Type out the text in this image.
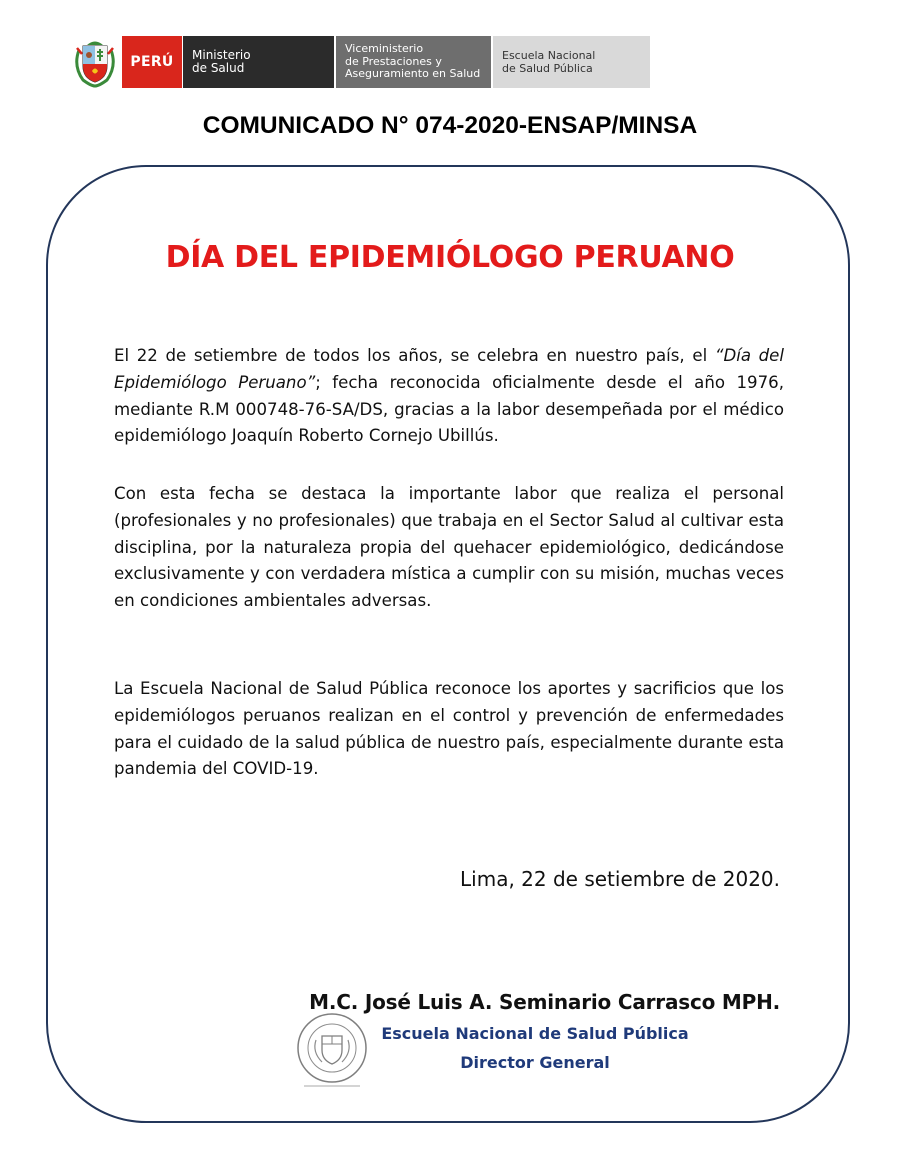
PERÚ	Ministerio
de Salud
Viceministerio
de Prestaciones y
Aseguramiento en Salud
Escuela Nacional
de Salud Pública
COMUNICADO N° 074-2020-ENSAP/MINSA
DÍA DEL EPIDEMIÓLOGO PERUANO
El 22 de setiembre de todos los años, se celebra en nuestro país, el “Día del Epidemiólogo Peruano”; fecha reconocida oficialmente desde el año 1976, mediante R.M 000748-76-SA/DS, gracias a la labor desempeñada por el médico epidemiólogo Joaquín Roberto Cornejo Ubillús.
Con esta fecha se destaca la importante labor que realiza el personal (profesionales y no profesionales) que trabaja en el Sector Salud al cultivar esta disciplina, por la naturaleza propia del quehacer epidemiológico, dedicándose exclusivamente y con verdadera mística a cumplir con su misión, muchas veces en condiciones ambientales adversas.
La Escuela Nacional de Salud Pública reconoce los aportes y sacrificios que los epidemiólogos peruanos realizan en el control y prevención de enfermedades para el cuidado de la salud pública de nuestro país, especialmente durante esta pandemia del COVID-19.
Lima, 22 de setiembre de 2020.
M.C. José Luis A. Seminario Carrasco MPH.
Escuela Nacional de Salud Pública
Director General
